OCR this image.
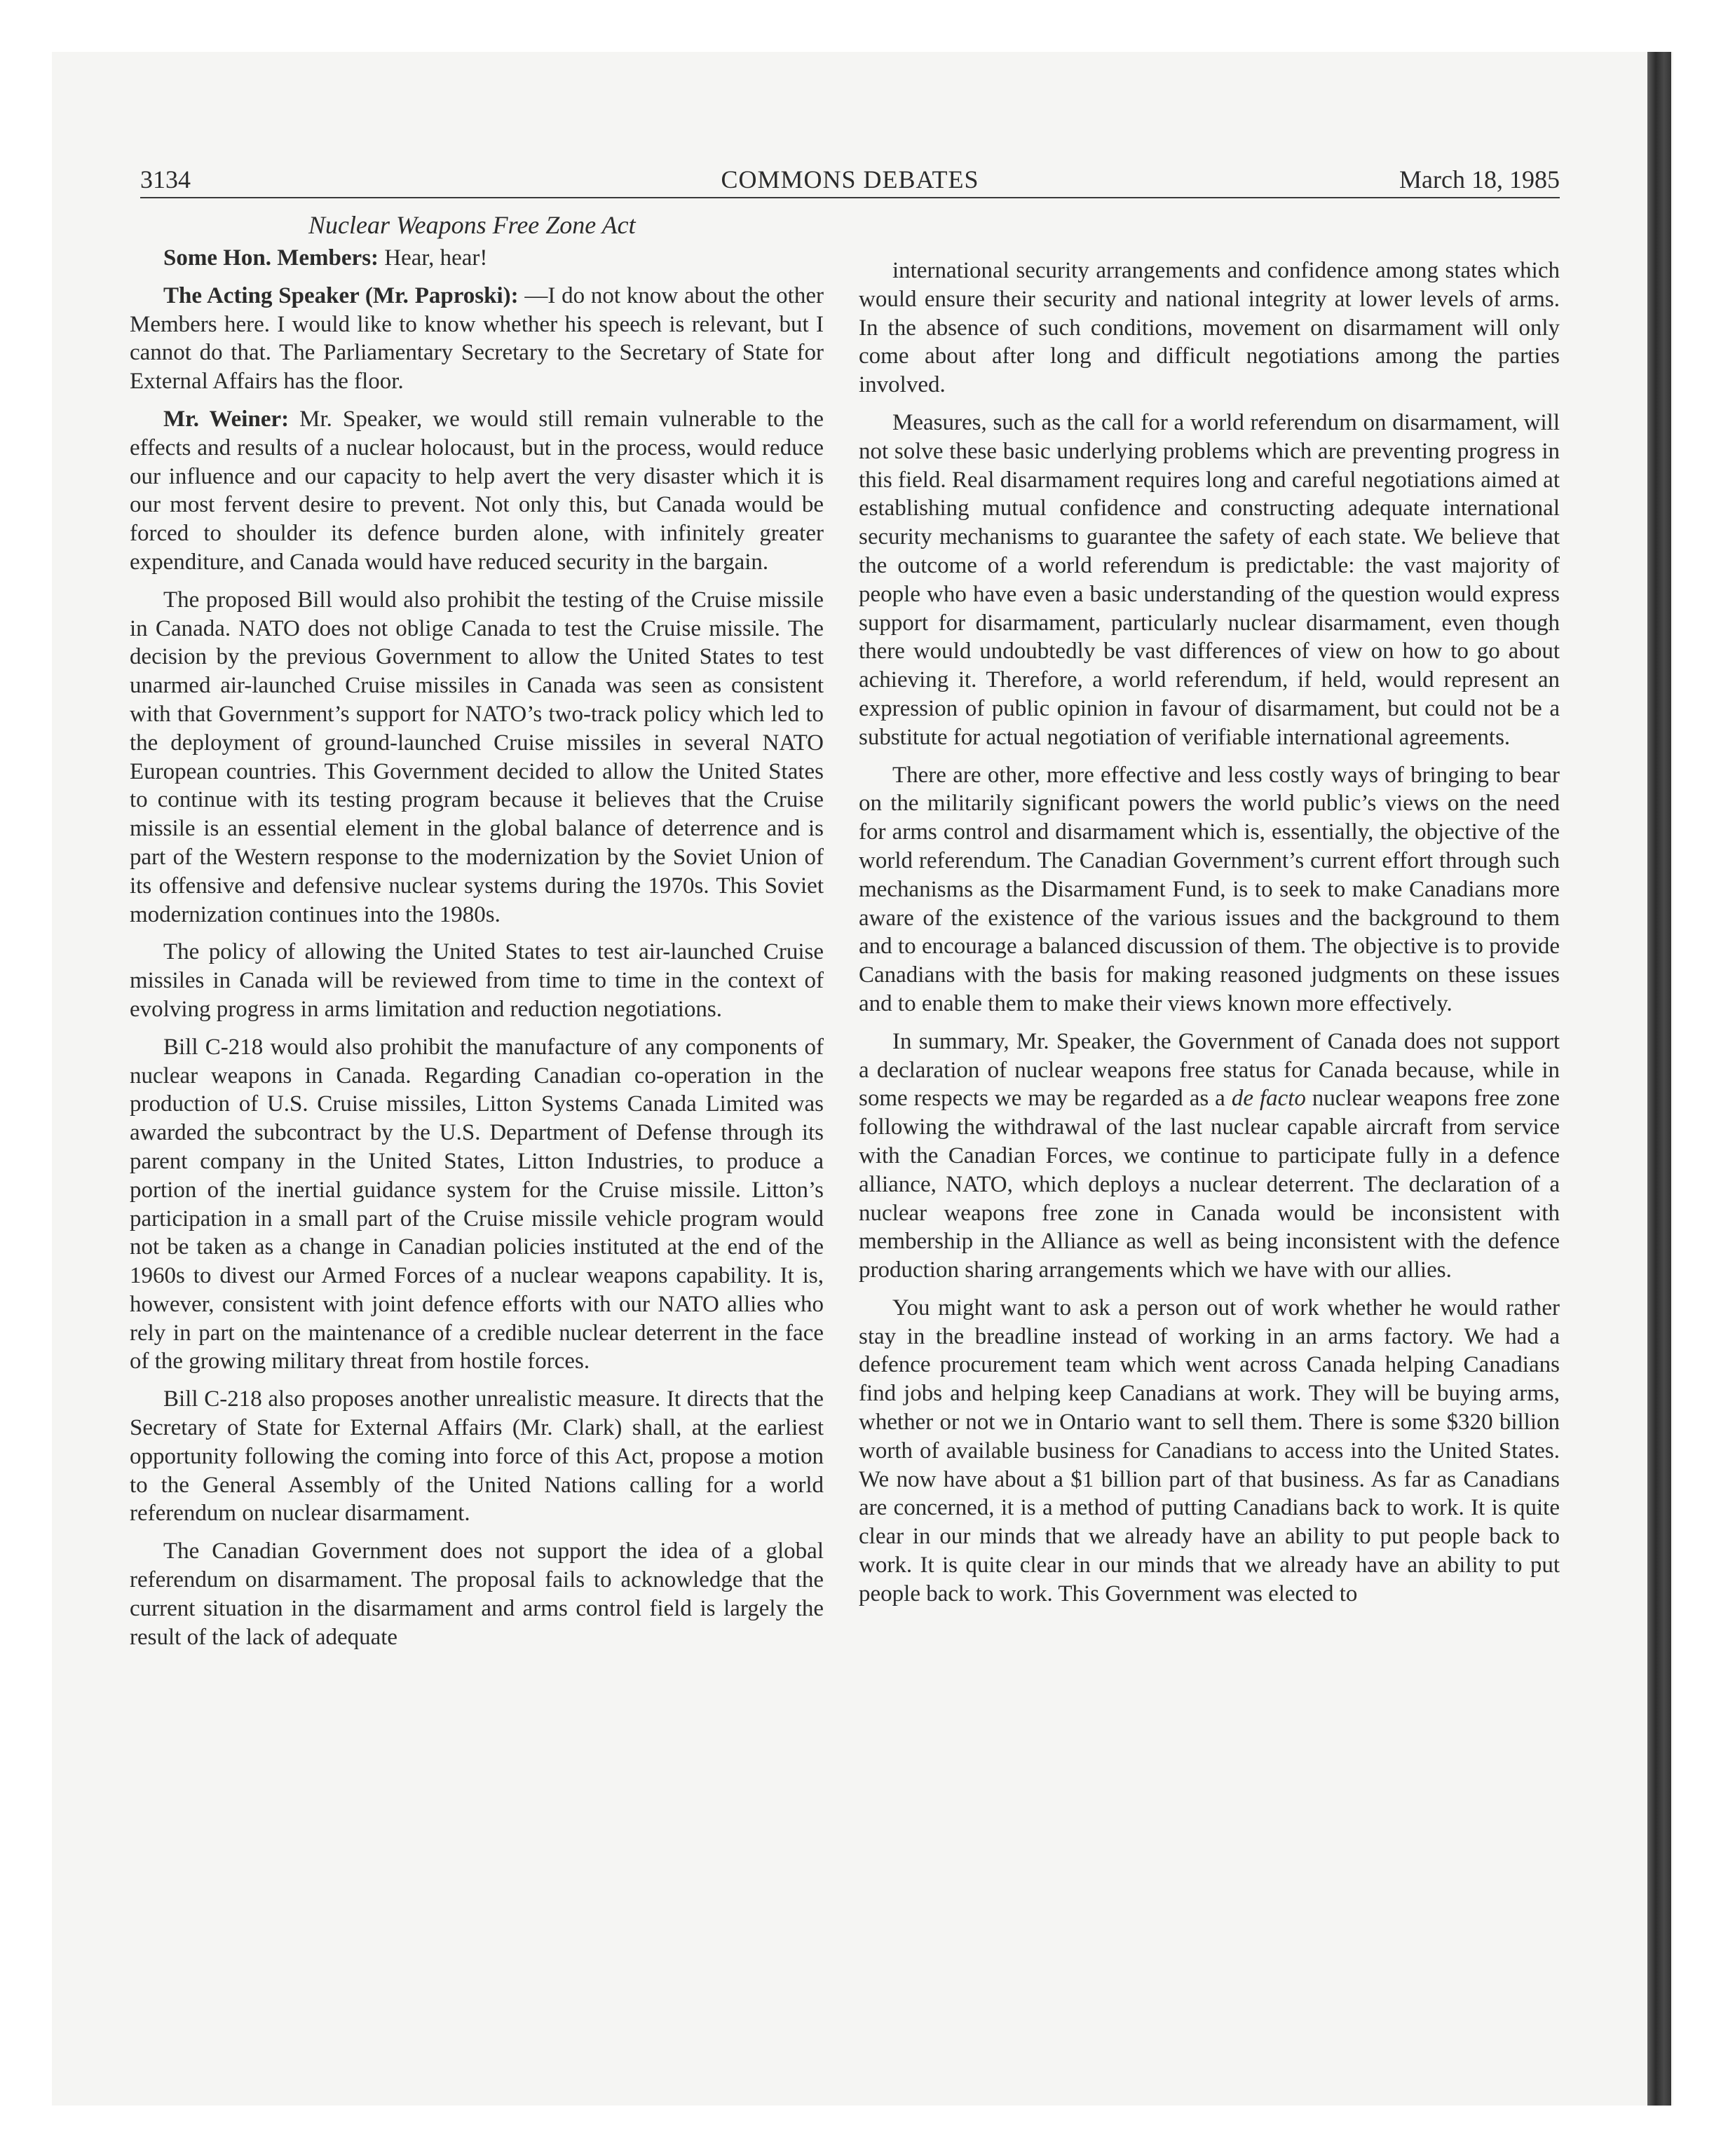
3134	COMMONS DEBATES	March 18, 1985
Nuclear Weapons Free Zone Act

Some Hon. Members: Hear, hear!

The Acting Speaker (Mr. Paproski): —I do not know about the other Members here. I would like to know whether his speech is relevant, but I cannot do that. The Parliamentary Secretary to the Secretary of State for External Affairs has the floor.

Mr. Weiner: Mr. Speaker, we would still remain vulnerable to the effects and results of a nuclear holocaust, but in the process, would reduce our influence and our capacity to help avert the very disaster which it is our most fervent desire to prevent. Not only this, but Canada would be forced to shoulder its defence burden alone, with infinitely greater expenditure, and Canada would have reduced security in the bargain.

The proposed Bill would also prohibit the testing of the Cruise missile in Canada. NATO does not oblige Canada to test the Cruise missile. The decision by the previous Government to allow the United States to test unarmed air-launched Cruise missiles in Canada was seen as consistent with that Government’s support for NATO’s two-track policy which led to the deployment of ground-launched Cruise missiles in several NATO European countries. This Government decided to allow the United States to continue with its testing program because it believes that the Cruise missile is an essential element in the global balance of deterrence and is part of the Western response to the modernization by the Soviet Union of its offensive and defensive nuclear systems during the 1970s. This Soviet modernization continues into the 1980s.

The policy of allowing the United States to test air-launched Cruise missiles in Canada will be reviewed from time to time in the context of evolving progress in arms limitation and reduction negotiations.

Bill C-218 would also prohibit the manufacture of any components of nuclear weapons in Canada. Regarding Canadian co-operation in the production of U.S. Cruise missiles, Litton Systems Canada Limited was awarded the subcontract by the U.S. Department of Defense through its parent company in the United States, Litton Industries, to produce a portion of the inertial guidance system for the Cruise missile. Litton’s participation in a small part of the Cruise missile vehicle program would not be taken as a change in Canadian policies instituted at the end of the 1960s to divest our Armed Forces of a nuclear weapons capability. It is, however, consistent with joint defence efforts with our NATO allies who rely in part on the maintenance of a credible nuclear deterrent in the face of the growing military threat from hostile forces.

Bill C-218 also proposes another unrealistic measure. It directs that the Secretary of State for External Affairs (Mr. Clark) shall, at the earliest opportunity following the coming into force of this Act, propose a motion to the General Assembly of the United Nations calling for a world referendum on nuclear disarmament.

The Canadian Government does not support the idea of a global referendum on disarmament. The proposal fails to acknowledge that the current situation in the disarmament and arms control field is largely the result of the lack of adequate

international security arrangements and confidence among states which would ensure their security and national integrity at lower levels of arms. In the absence of such conditions, movement on disarmament will only come about after long and difficult negotiations among the parties involved.

Measures, such as the call for a world referendum on disarmament, will not solve these basic underlying problems which are preventing progress in this field. Real disarmament requires long and careful negotiations aimed at establishing mutual confidence and constructing adequate international security mechanisms to guarantee the safety of each state. We believe that the outcome of a world referendum is predictable: the vast majority of people who have even a basic understanding of the question would express support for disarmament, particularly nuclear disarmament, even though there would undoubtedly be vast differences of view on how to go about achieving it. Therefore, a world referendum, if held, would represent an expression of public opinion in favour of disarmament, but could not be a substitute for actual negotiation of verifiable international agreements.

There are other, more effective and less costly ways of bringing to bear on the militarily significant powers the world public’s views on the need for arms control and disarmament which is, essentially, the objective of the world referendum. The Canadian Government’s current effort through such mechanisms as the Disarmament Fund, is to seek to make Canadians more aware of the existence of the various issues and the background to them and to encourage a balanced discussion of them. The objective is to provide Canadians with the basis for making reasoned judgments on these issues and to enable them to make their views known more effectively.

In summary, Mr. Speaker, the Government of Canada does not support a declaration of nuclear weapons free status for Canada because, while in some respects we may be regarded as a de facto nuclear weapons free zone following the withdrawal of the last nuclear capable aircraft from service with the Canadian Forces, we continue to participate fully in a defence alliance, NATO, which deploys a nuclear deterrent. The declaration of a nuclear weapons free zone in Canada would be inconsistent with membership in the Alliance as well as being inconsistent with the defence production sharing arrangements which we have with our allies.

You might want to ask a person out of work whether he would rather stay in the breadline instead of working in an arms factory. We had a defence procurement team which went across Canada helping Canadians find jobs and helping keep Canadians at work. They will be buying arms, whether or not we in Ontario want to sell them. There is some $320 billion worth of available business for Canadians to access into the United States. We now have about a $1 billion part of that business. As far as Canadians are concerned, it is a method of putting Canadians back to work. It is quite clear in our minds that we already have an ability to put people back to work. It is quite clear in our minds that we already have an ability to put people back to work. This Government was elected to
